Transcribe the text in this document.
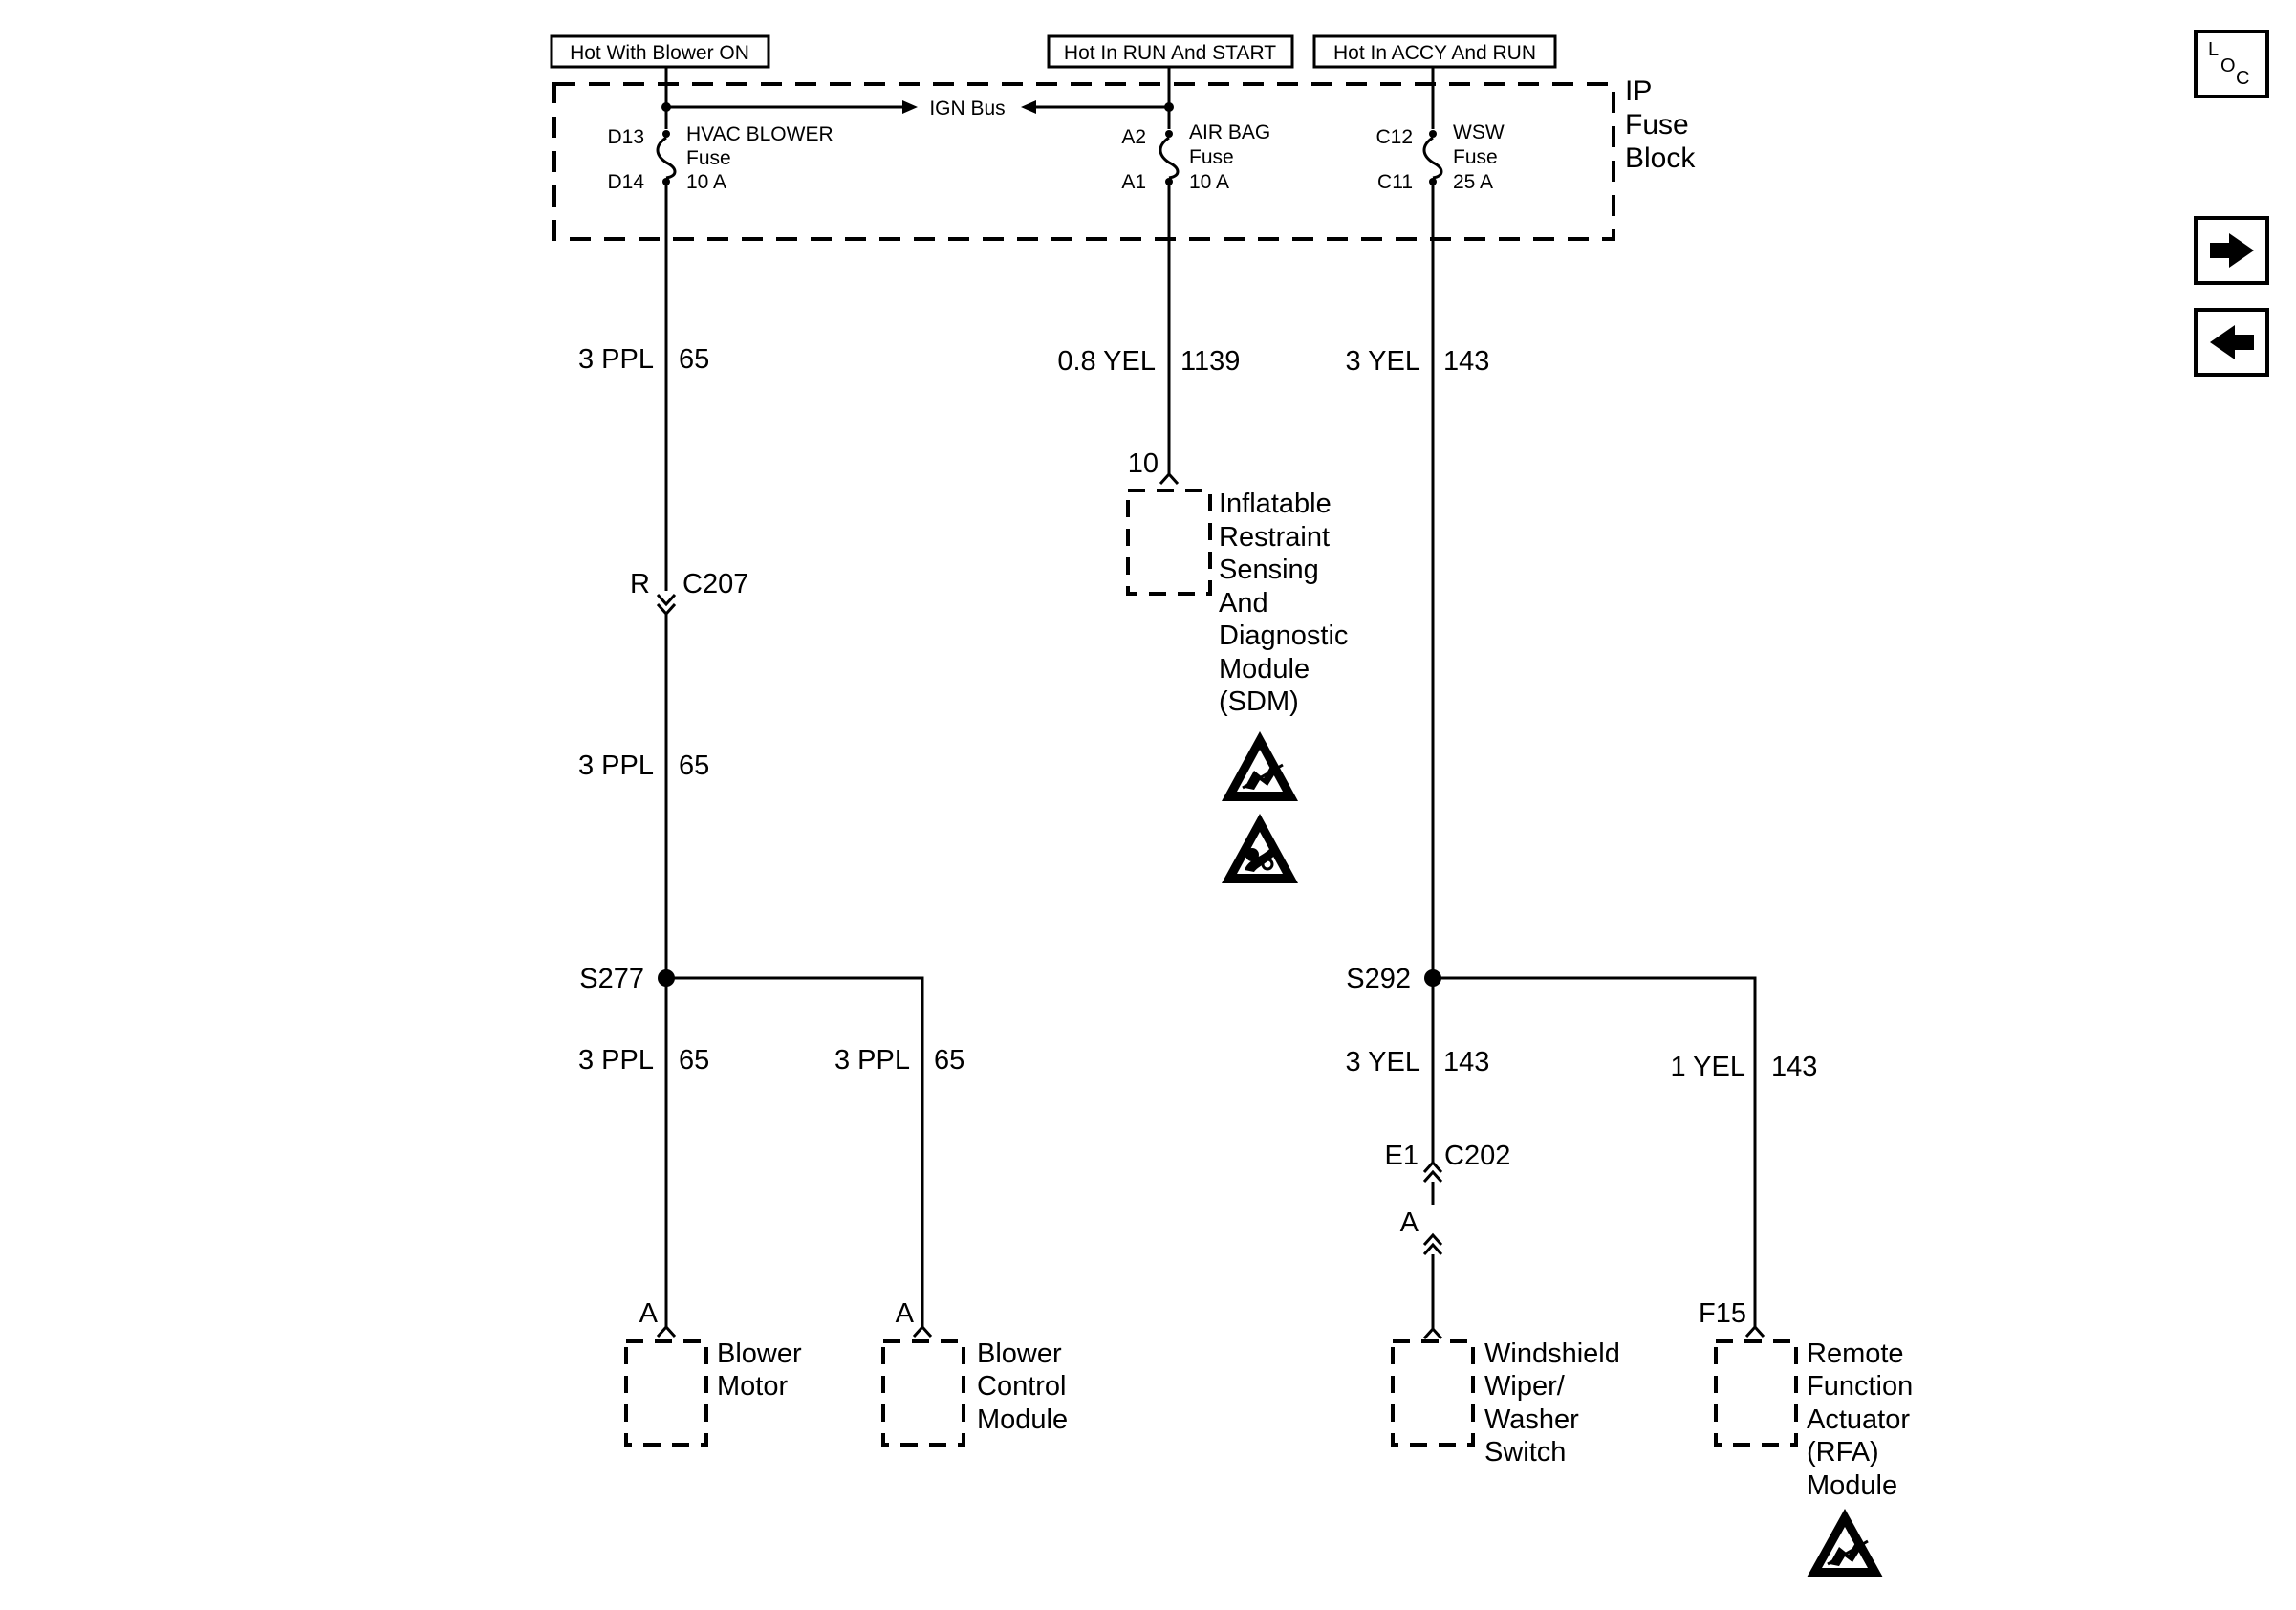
Hot With Blower ON	Hot In RUN And START	Hot In ACCY And RUN
IP
Fuse
Block
IGN Bus
D13
D14
HVAC BLOWER
Fuse
10 A
A2
A1
AIR BAG
Fuse
10 A
C12
C11
WSW
Fuse
25 A
3 PPL 65
R C207
3 PPL 65
S277
3 PPL 65	3 PPL 65
A
Blower
Motor
A
Blower
Control
Module
0.8 YEL 1139
10
Inflatable
Restraint
Sensing
And
Diagnostic
Module
(SDM)
3 YEL 143
S292
3 YEL 143	1 YEL 143
E1 C202
A
Windshield
Wiper/
Washer
Switch
F15
Remote
Function
Actuator
(RFA)
Module
L
O
C
